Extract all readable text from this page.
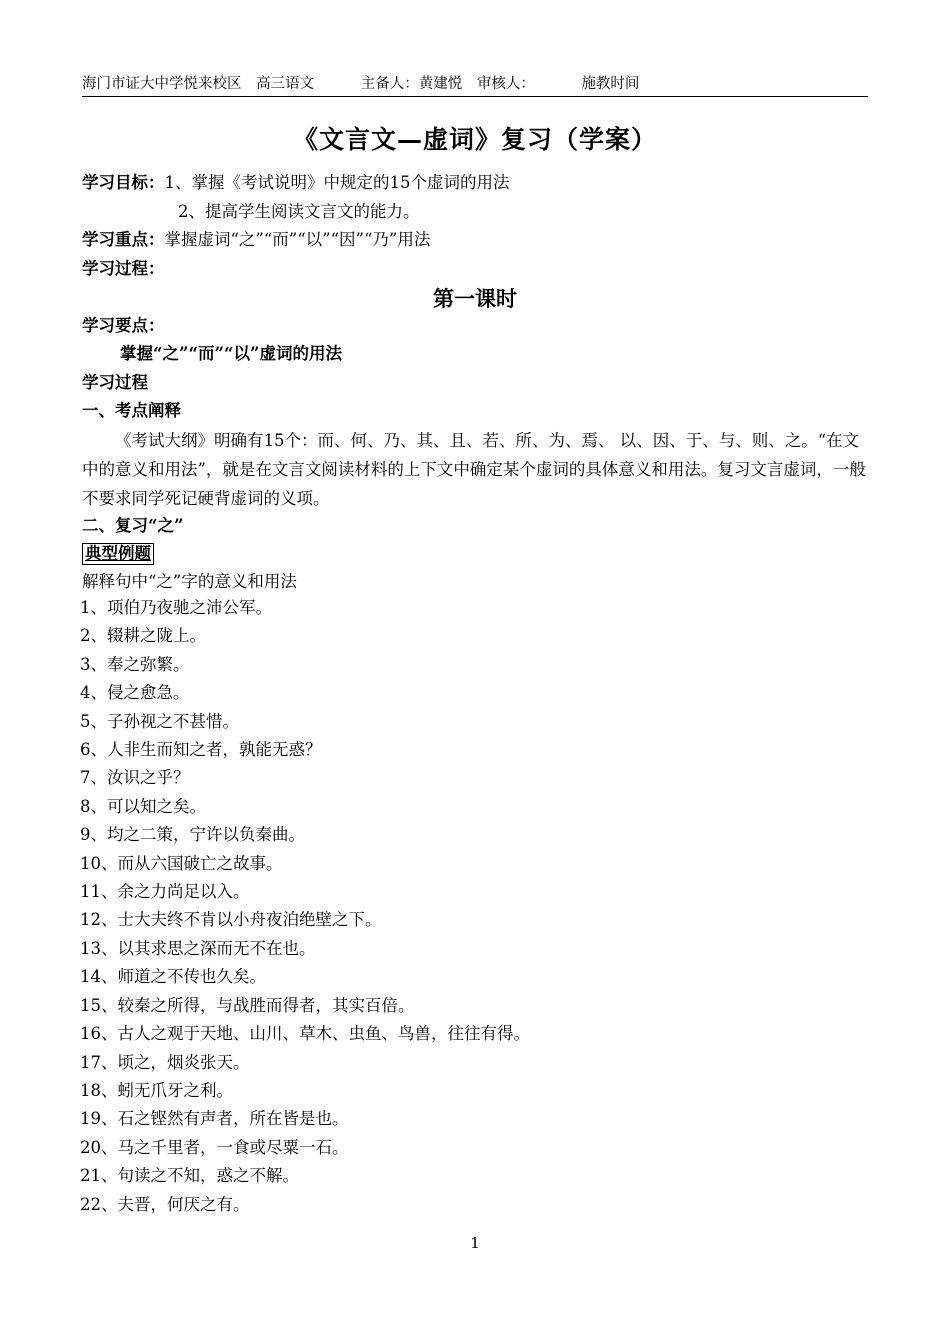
海门市证大中学悦来校区 高三语文	主备人：黄建悦 审核人：	施教时间
《文言文—虚词》复习（学案）
学习目标：1、掌握《考试说明》中规定的15个虚词的用法
2、提高学生阅读文言文的能力。
学习重点：掌握虚词“之”“而”“以”“因”“乃”用法
学习过程：
第一课时
学习要点：
掌握“之”“而”“以”虚词的用法
学习过程
一、考点阐释
《考试大纲》明确有15个：而、何、乃、其、且、若、所、为、焉、 以、因、于、与、则、之。“在文中的意义和用法”，就是在文言文阅读材料的上下文中确定某个虚词的具体意义和用法。复习文言虚词，一般不要求同学死记硬背虚词的义项。
二、复习“之”
典型例题
解释句中“之”字的意义和用法
1、项伯乃夜驰之沛公军。
2、辍耕之陇上。
3、奉之弥繁。
4、侵之愈急。
5、子孙视之不甚惜。
6、人非生而知之者，孰能无惑？
7、汝识之乎？
8、可以知之矣。
9、均之二策，宁许以负秦曲。
10、而从六国破亡之故事。
11、余之力尚足以入。
12、士大夫终不肯以小舟夜泊绝壁之下。
13、以其求思之深而无不在也。
14、师道之不传也久矣。
15、较秦之所得，与战胜而得者，其实百倍。
16、古人之观于天地、山川、草木、虫鱼、鸟兽，往往有得。
17、顷之，烟炎张天。
18、蚓无爪牙之利。
19、石之铿然有声者，所在皆是也。
20、马之千里者，一食或尽粟一石。
21、句读之不知，惑之不解。
22、夫晋，何厌之有。
1
